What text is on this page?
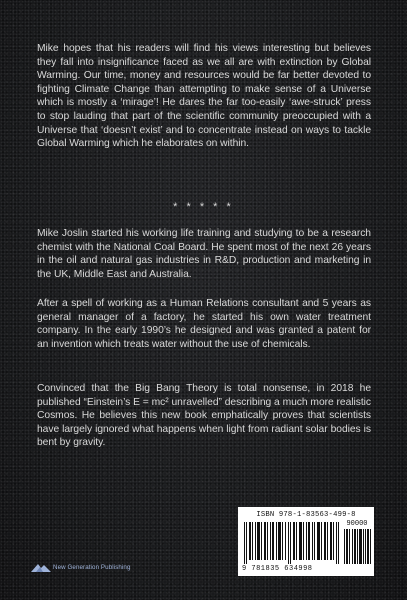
Mike hopes that his readers will find his views interesting but believes they fall into insignificance faced as we all are with extinction by Global Warming. Our time, money and resources would be far better devoted to fighting Climate Change than attempting to make sense of a Universe which is mostly a ‘mirage’! He dares the far too-easily ‘awe-struck’ press to stop lauding that part of the scientific community preoccupied with a Universe that ‘doesn’t exist’ and to concentrate instead on ways to tackle Global Warming which he elaborates on within.
* * * * *
Mike Joslin started his working life training and studying to be a research chemist with the National Coal Board. He spent most of the next 26 years in the oil and natural gas industries in R&D, production and marketing in the UK, Middle East and Australia.
After a spell of working as a Human Relations consultant and 5 years as general manager of a factory, he started his own water treatment company. In the early 1990’s he designed and was granted a patent for an invention which treats water without the use of chemicals.
Convinced that the Big Bang Theory is total nonsense, in 2018 he published “Einstein’s E = mc² unravelled” describing a much more realistic Cosmos. He believes this new book emphatically proves that scientists have largely ignored what happens when light from radiant solar bodies is bent by gravity.
ISBN 978-1-83563-499-8
90000
9 781835 634998
New Generation Publishing
